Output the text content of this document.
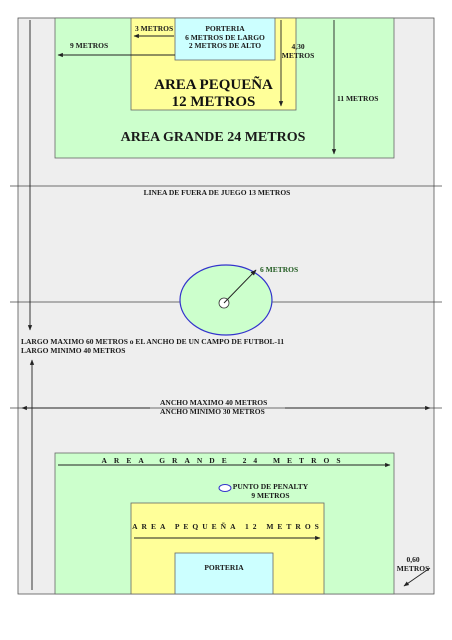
3 METROS	PORTERIA
6 METROS DE LARGO
2 METROS DE ALTO
9 METROS	4,30
METROS
AREA PEQUEÑA
12 METROS	11 METROS
AREA GRANDE 24 METROS
LINEA DE FUERA DE JUEGO 13 METROS
6 METROS
LARGO MAXIMO 60 METROS o EL ANCHO DE UN CAMPO DE FUTBOL-11
LARGO MINIMO 40 METROS
ANCHO MAXIMO 40 METROS
ANCHO MINIMO 30 METROS
AREA GRANDE 24 METROS
PUNTO DE PENALTY
9 METROS
AREA PEQUEÑA 12 METROS
PORTERIA
0,60
METROS
